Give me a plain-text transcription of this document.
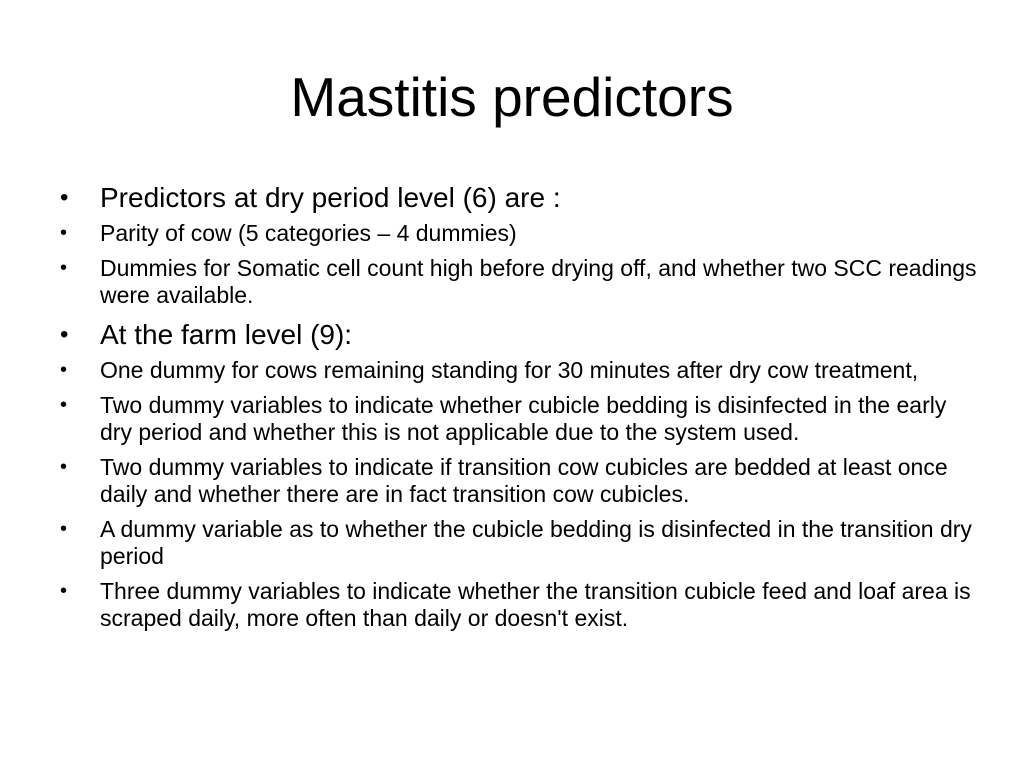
Mastitis predictors
• Predictors at dry period level (6) are :
• Parity of cow (5 categories – 4 dummies)
• Dummies for Somatic cell count high before drying off, and whether two SCC readings were available.
• At the farm level (9):
• One dummy for cows remaining standing for 30 minutes after dry cow treatment,
• Two dummy variables to indicate whether cubicle bedding is disinfected in the early dry period and whether this is not applicable due to the system used.
• Two dummy variables to indicate if transition cow cubicles are bedded at least once daily and whether there are in fact transition cow cubicles.
• A dummy variable as to whether the cubicle bedding is disinfected in the transition dry period
• Three dummy variables to indicate whether the transition cubicle feed and loaf area is scraped daily, more often than daily or doesn't exist.
